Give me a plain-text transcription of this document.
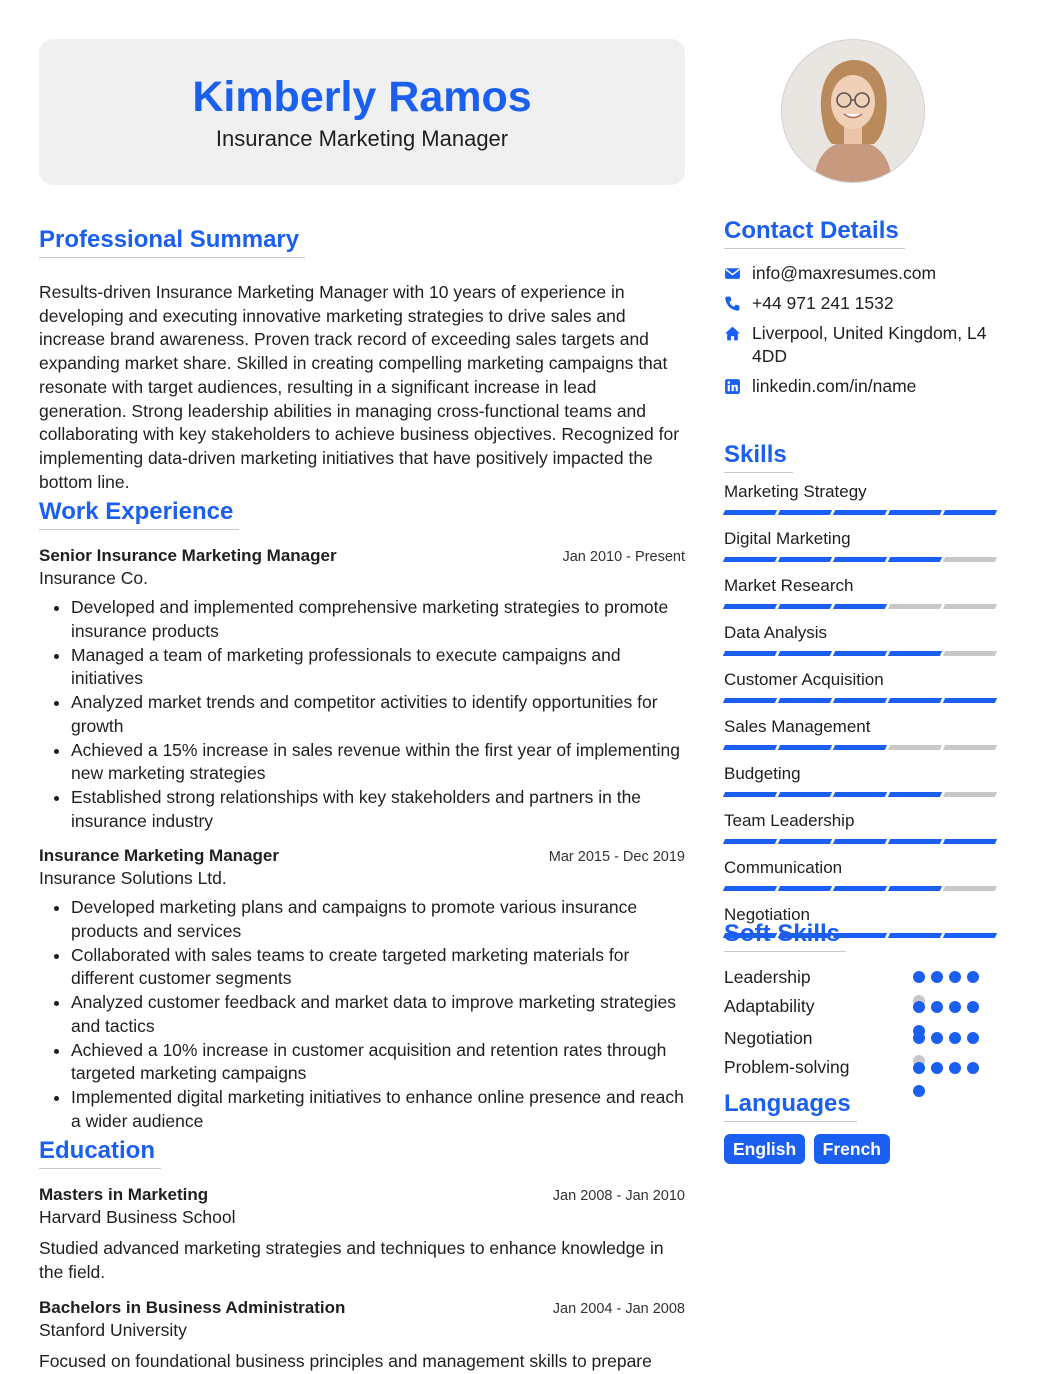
Kimberly Ramos
Insurance Marketing Manager
Professional Summary

Results-driven Insurance Marketing Manager with 10 years of experience in developing and executing innovative marketing strategies to drive sales and increase brand awareness. Proven track record of exceeding sales targets and expanding market share. Skilled in creating compelling marketing campaigns that resonate with target audiences, resulting in a significant increase in lead generation. Strong leadership abilities in managing cross-functional teams and collaborating with key stakeholders to achieve business objectives. Recognized for implementing data-driven marketing initiatives that have positively impacted the bottom line.

Work Experience
Senior Insurance Marketing Manager	Jan 2010 - Present
Insurance Co.
• Developed and implemented comprehensive marketing strategies to promote insurance products
• Managed a team of marketing professionals to execute campaigns and initiatives
• Analyzed market trends and competitor activities to identify opportunities for growth
• Achieved a 15% increase in sales revenue within the first year of implementing new marketing strategies
• Established strong relationships with key stakeholders and partners in the insurance industry
Insurance Marketing Manager	Mar 2015 - Dec 2019
Insurance Solutions Ltd.
• Developed marketing plans and campaigns to promote various insurance products and services
• Collaborated with sales teams to create targeted marketing materials for different customer segments
• Analyzed customer feedback and market data to improve marketing strategies and tactics
• Achieved a 10% increase in customer acquisition and retention rates through targeted marketing campaigns
• Implemented digital marketing initiatives to enhance online presence and reach a wider audience
Education
Masters in Marketing	Jan 2008 - Jan 2010
Harvard Business School

Studied advanced marketing strategies and techniques to enhance knowledge in the field.

Bachelors in Business Administration	Jan 2004 - Jan 2008
Stanford University

Focused on foundational business principles and management skills to prepare

Contact Details
info@maxresumes.com
+44 971 241 1532
Liverpool, United Kingdom, L4 4DD
linkedin.com/in/name
Skills
Marketing Strategy
Digital Marketing
Market Research
Data Analysis
Customer Acquisition
Sales Management
Budgeting
Team Leadership
Communication
Negotiation
Soft Skills
Leadership
Adaptability
Negotiation
Problem-solving
Languages
English French
